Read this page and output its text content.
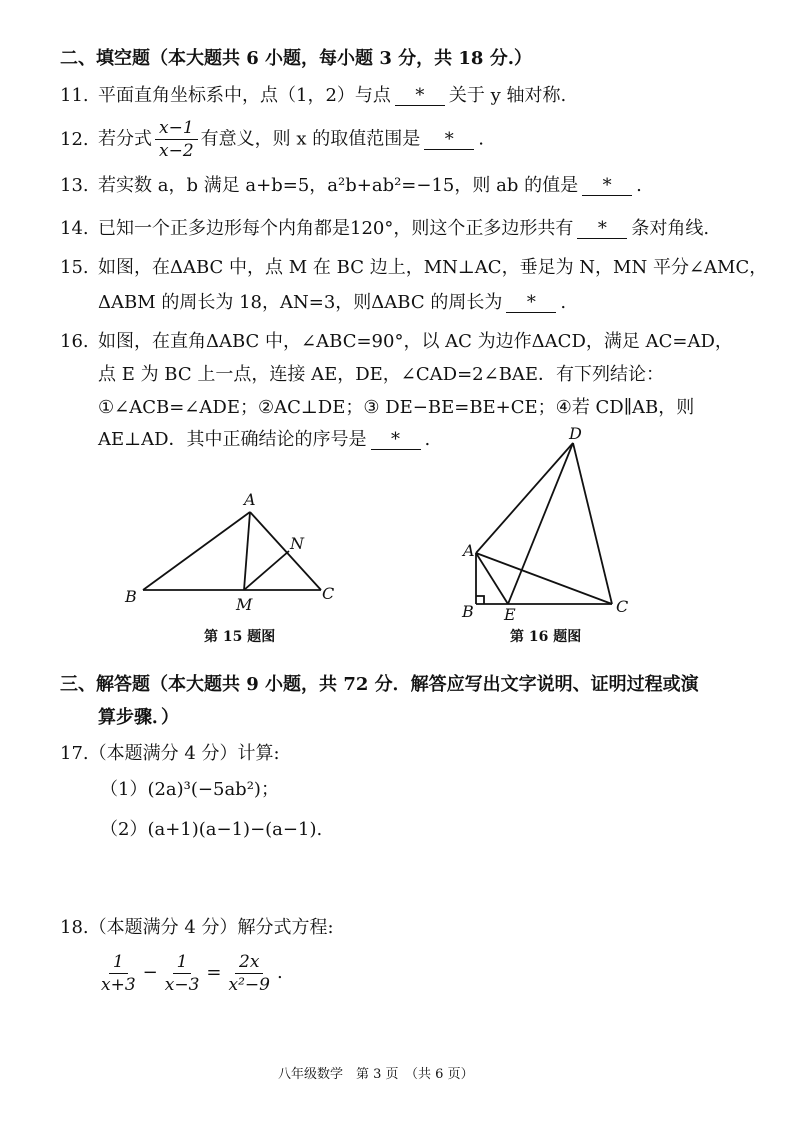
二、填空题（本大题共 6 小题，每小题 3 分，共 18 分.）
11. 平面直角坐标系中，点（1，2）与点 * 关于 y 轴对称.
12. 若分式 $\frac{x-1}{x-2}$ 有意义，则 x 的取值范围是 * .
13. 若实数 a，b 满足 a+b=5，a²b+ab²=−15，则 ab 的值是 * .
14. 已知一个正多边形每个内角都是120°，则这个正多边形共有 * 条对角线.
15. 如图，在ΔABC 中，点 M 在 BC 边上，MN⊥AC，垂足为 N，MN 平分∠AMC，
ΔABM 的周长为 18，AN=3，则ΔABC 的周长为 * .
16. 如图，在直角ΔABC 中，∠ABC=90°，以 AC 为边作ΔACD，满足 AC=AD，
点 E 为 BC 上一点，连接 AE，DE，∠CAD=2∠BAE．有下列结论：
①∠ACB=∠ADE；②AC⊥DE；③ DE−BE=BE+CE；④若 CD∥AB，则
AE⊥AD．其中正确结论的序号是 * .
A
B	C
M
N	A
B	C
D
E
第 15 题图	第 16 题图
三、解答题（本大题共 9 小题，共 72 分．解答应写出文字说明、证明过程或演
算步骤．）
17.（本题满分 4 分）计算:
（1）(2a)³(−5ab²)；
（2）(a+1)(a−1)−(a−1).
18.（本题满分 4 分）解分式方程:
$\frac{1}{x+3} - \frac{1}{x-3} = \frac{2x}{\text{x²−9}}$ .
八年级数学　第 3 页　（共 6 页）
